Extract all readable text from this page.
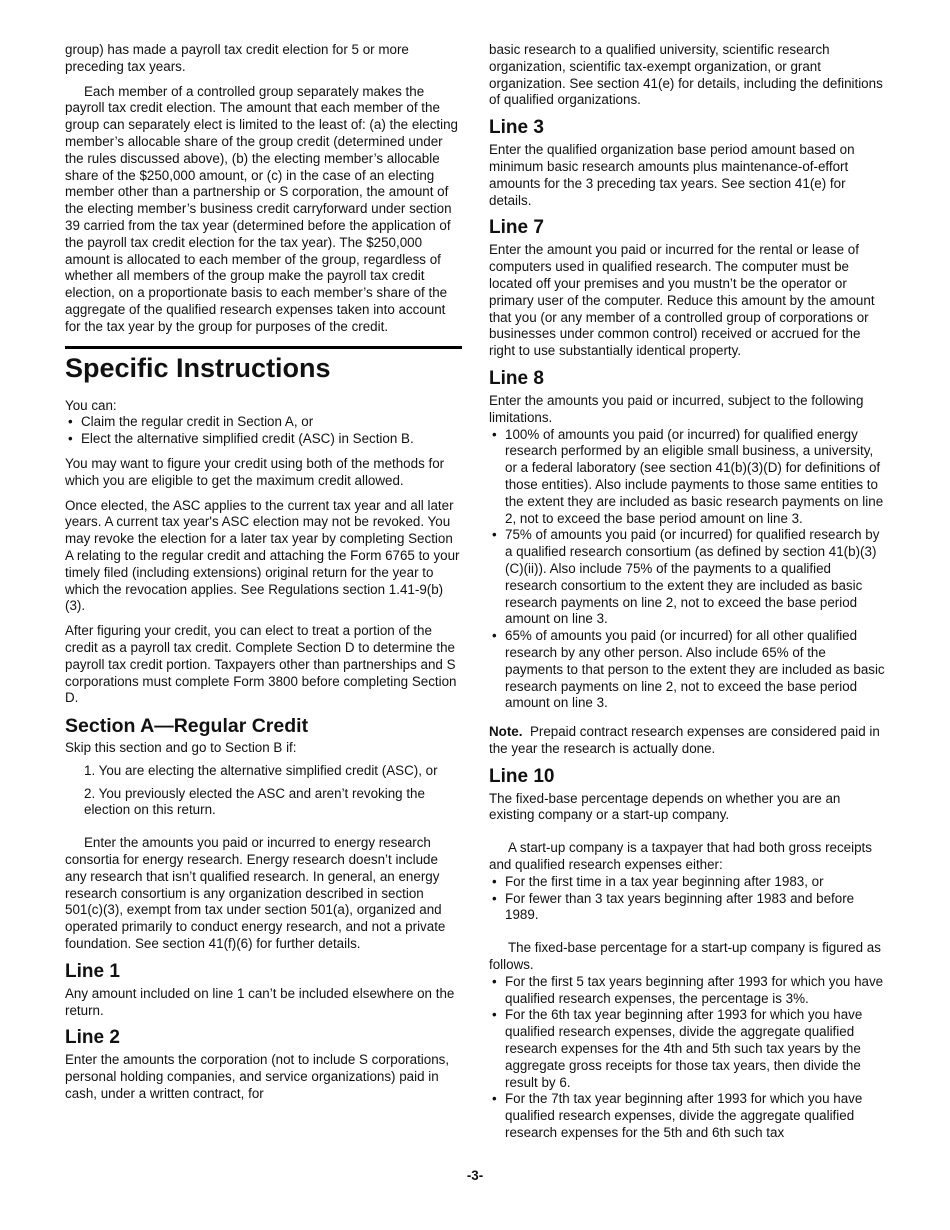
group) has made a payroll tax credit election for 5 or more preceding tax years.

Each member of a controlled group separately makes the payroll tax credit election. The amount that each member of the group can separately elect is limited to the least of: (a) the electing member’s allocable share of the group credit (determined under the rules discussed above), (b) the electing member’s allocable share of the $250,000 amount, or (c) in the case of an electing member other than a partnership or S corporation, the amount of the electing member’s business credit carryforward under section 39 carried from the tax year (determined before the application of the payroll tax credit election for the tax year). The $250,000 amount is allocated to each member of the group, regardless of whether all members of the group make the payroll tax credit election, on a proportionate basis to each member’s share of the aggregate of the qualified research expenses taken into account for the tax year by the group for purposes of the credit.

Specific Instructions
You can:
• Claim the regular credit in Section A, or
• Elect the alternative simplified credit (ASC) in Section B.

You may want to figure your credit using both of the methods for which you are eligible to get the maximum credit allowed.

Once elected, the ASC applies to the current tax year and all later years. A current tax year's ASC election may not be revoked. You may revoke the election for a later tax year by completing Section A relating to the regular credit and attaching the Form 6765 to your timely filed (including extensions) original return for the year to which the revocation applies. See Regulations section 1.41-9(b)(3).

After figuring your credit, you can elect to treat a portion of the credit as a payroll tax credit. Complete Section D to determine the payroll tax credit portion. Taxpayers other than partnerships and S corporations must complete Form 3800 before completing Section D.

Section A—Regular Credit

Skip this section and go to Section B if:

1. You are electing the alternative simplified credit (ASC), or
2. You previously elected the ASC and aren’t revoking the election on this return.

Enter the amounts you paid or incurred to energy research consortia for energy research. Energy research doesn’t include any research that isn’t qualified research. In general, an energy research consortium is any organization described in section 501(c)(3), exempt from tax under section 501(a), organized and operated primarily to conduct energy research, and not a private foundation. See section 41(f)(6) for further details.

Line 1

Any amount included on line 1 can’t be included elsewhere on the return.

Line 2

Enter the amounts the corporation (not to include S corporations, personal holding companies, and service organizations) paid in cash, under a written contract, for

basic research to a qualified university, scientific research organization, scientific tax-exempt organization, or grant organization. See section 41(e) for details, including the definitions of qualified organizations.

Line 3

Enter the qualified organization base period amount based on minimum basic research amounts plus maintenance-of-effort amounts for the 3 preceding tax years. See section 41(e) for details.

Line 7

Enter the amount you paid or incurred for the rental or lease of computers used in qualified research. The computer must be located off your premises and you mustn’t be the operator or primary user of the computer. Reduce this amount by the amount that you (or any member of a controlled group of corporations or businesses under common control) received or accrued for the right to use substantially identical property.

Line 8
Enter the amounts you paid or incurred, subject to the following limitations.
• 100% of amounts you paid (or incurred) for qualified energy research performed by an eligible small business, a university, or a federal laboratory (see section 41(b)(3)(D) for definitions of those entities). Also include payments to those same entities to the extent they are included as basic research payments on line 2, not to exceed the base period amount on line 3.
• 75% of amounts you paid (or incurred) for qualified research by a qualified research consortium (as defined by section 41(b)(3)(C)(ii)). Also include 75% of the payments to a qualified research consortium to the extent they are included as basic research payments on line 2, not to exceed the base period amount on line 3.
• 65% of amounts you paid (or incurred) for all other qualified research by any other person. Also include 65% of the payments to that person to the extent they are included as basic research payments on line 2, not to exceed the base period amount on line 3.

Note. Prepaid contract research expenses are considered paid in the year the research is actually done.

Line 10

The fixed-base percentage depends on whether you are an existing company or a start-up company.

A start-up company is a taxpayer that had both gross receipts and qualified research expenses either:
• For the first time in a tax year beginning after 1983, or
• For fewer than 3 tax years beginning after 1983 and before 1989.
The fixed-base percentage for a start-up company is figured as follows.
• For the first 5 tax years beginning after 1993 for which you have qualified research expenses, the percentage is 3%.
• For the 6th tax year beginning after 1993 for which you have qualified research expenses, divide the aggregate qualified research expenses for the 4th and 5th such tax years by the aggregate gross receipts for those tax years, then divide the result by 6.
• For the 7th tax year beginning after 1993 for which you have qualified research expenses, divide the aggregate qualified research expenses for the 5th and 6th such tax
-3-
